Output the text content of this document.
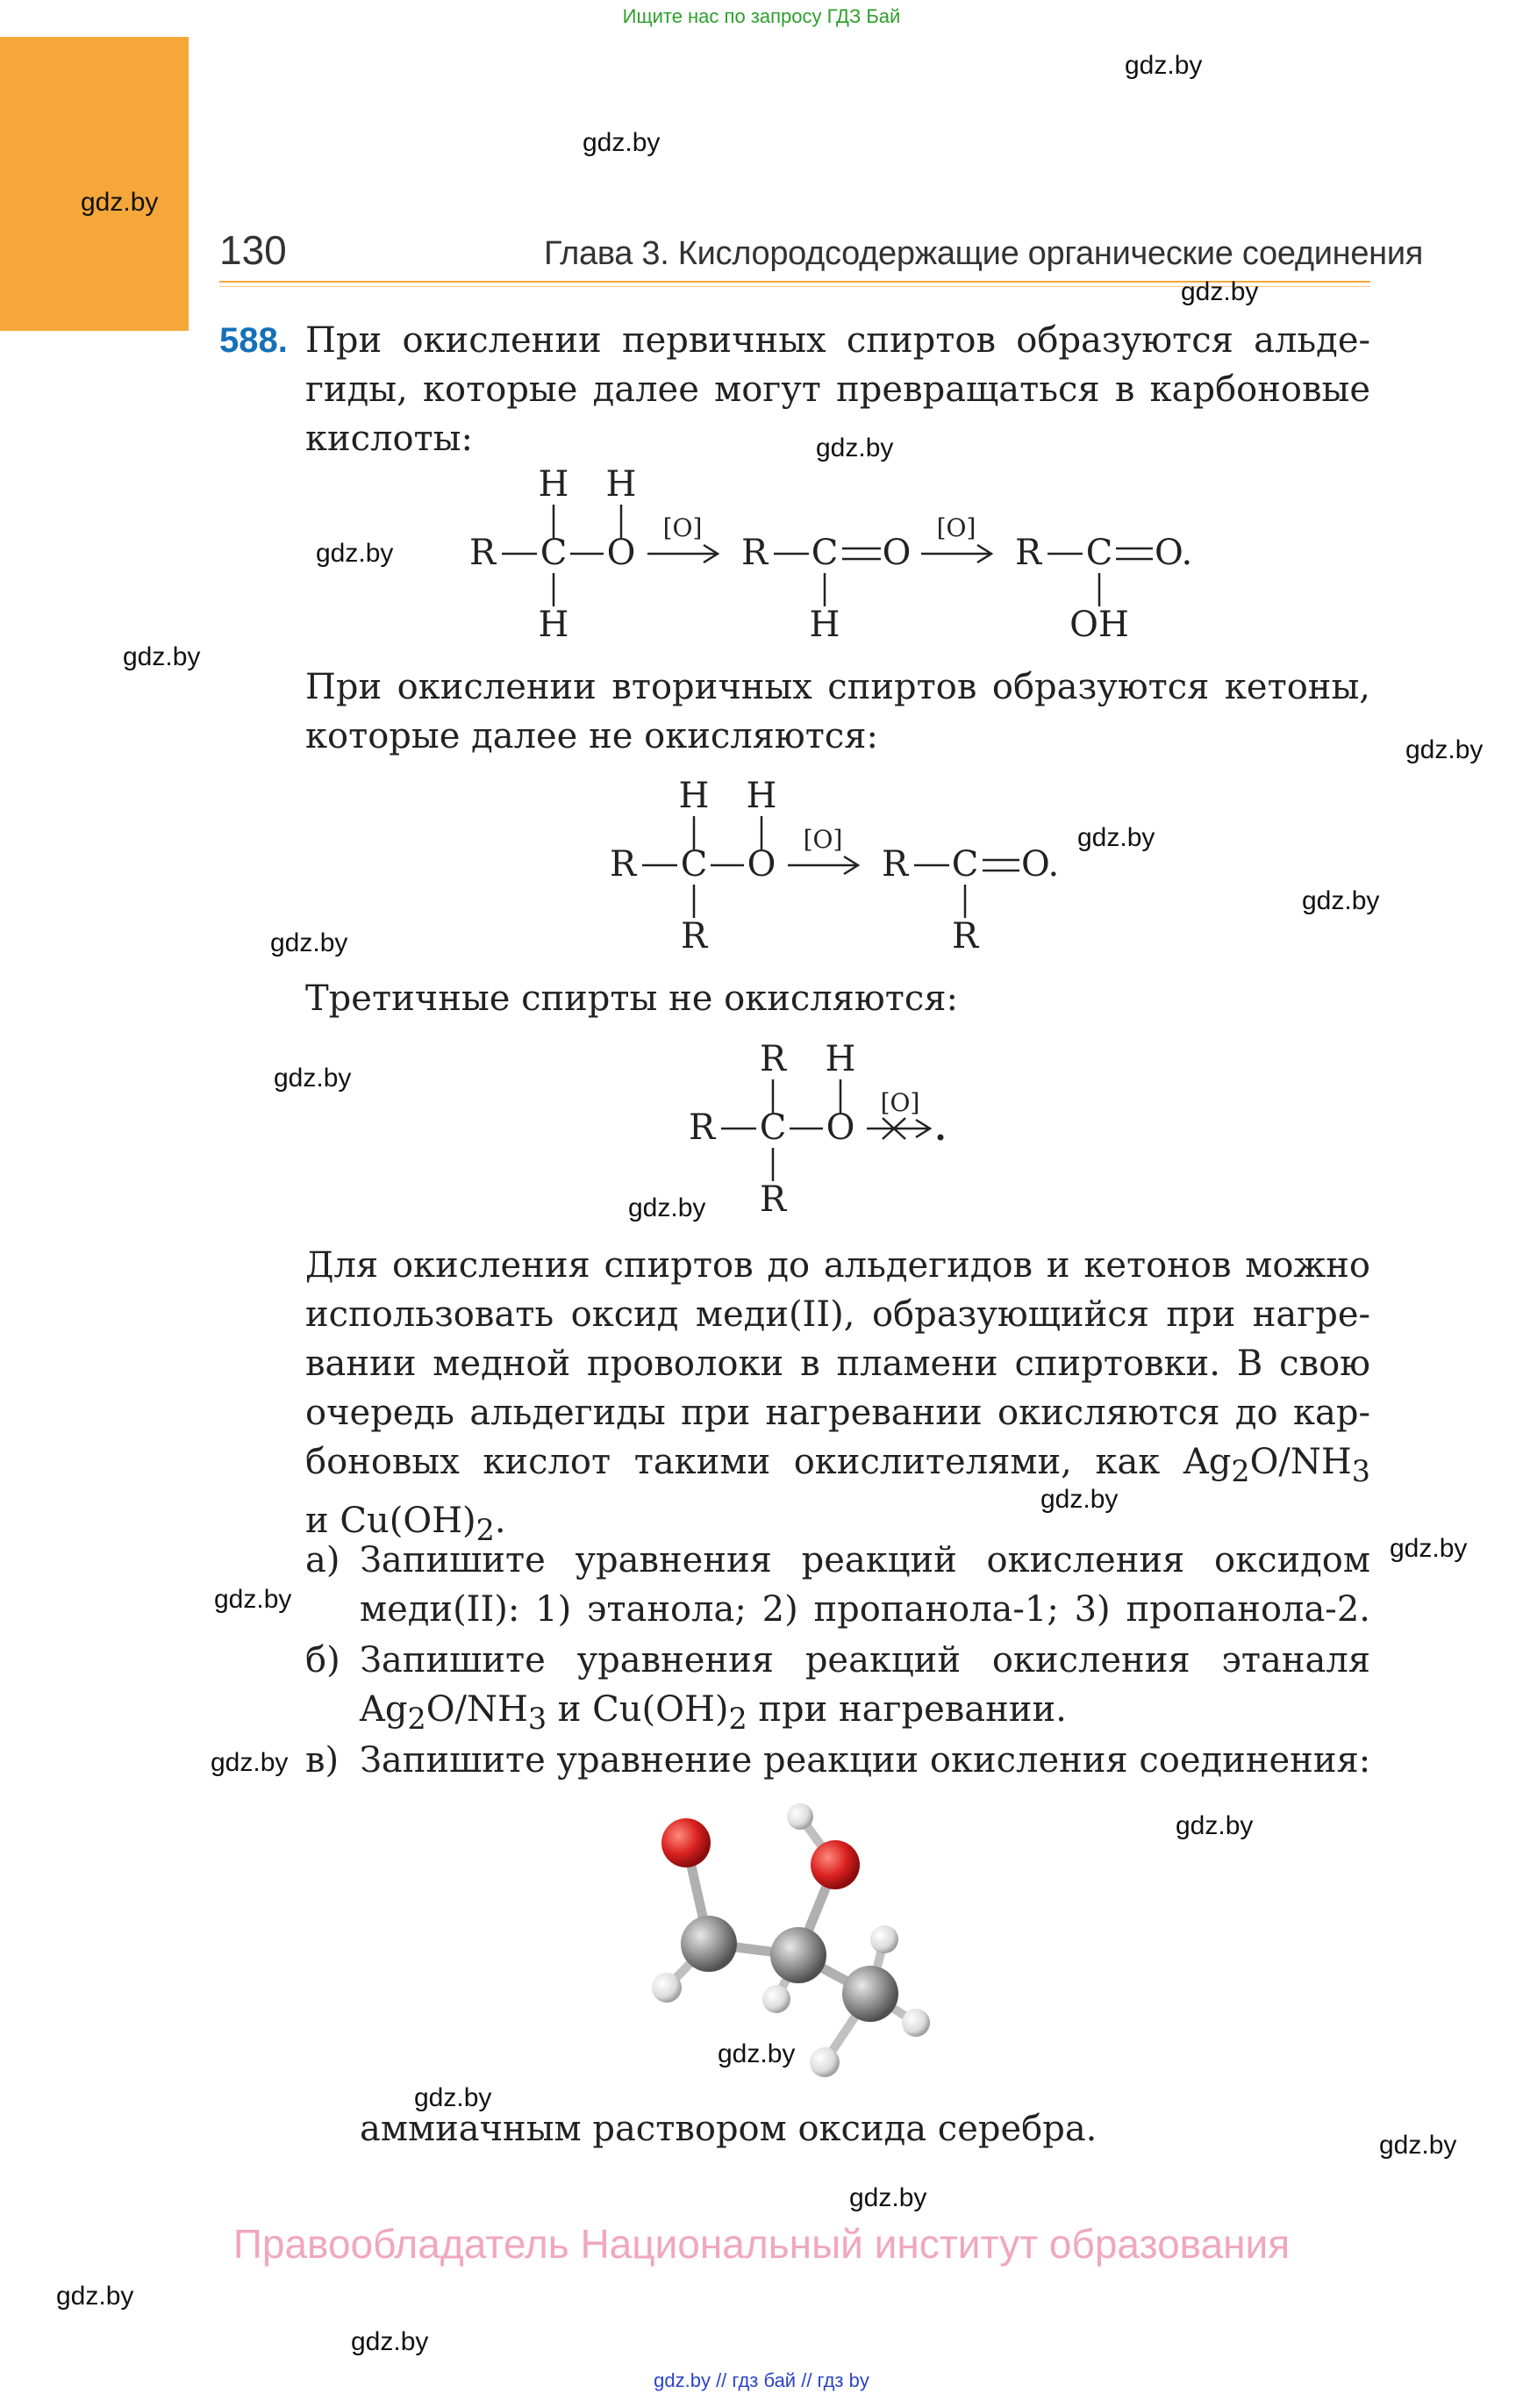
Ищите нас по запросу ГДЗ Бай
130	Глава 3. Кислородсодержащие органические соединения
588. При окислении первичных спиртов образуются альде-
гиды, которые далее могут превращаться в карбоновые
кислоты:
H H
R C O
H
[O]
R C O
H
[O]
R C O.
OH
При окислении вторичных спиртов образуются кетоны,
которые далее не окисляются:
H H
R C O
R
[O]
R C O.
R
Третичные спирты не окисляются:
R H
R C O
R
[O]
Для окисления спиртов до альдегидов и кетонов можно
использовать оксид меди(II), образующийся при нагре-
вании медной проволоки в пламени спиртовки. В свою
очередь альдегиды при нагревании окисляются до кар-
боновых кислот такими окислителями, как $Ag_2O/NH_3$
и $Cu(OH)_2$.
а) Запишите уравнения реакций окисления оксидом
меди(II): 1) этанола; 2) пропанола-1; 3) пропанола-2.
б) Запишите уравнения реакций окисления этаналя
$Ag_2O/NH_3$ и $Cu(OH)_2$ при нагревании.
в) Запишите уравнение реакции окисления соединения:
аммиачным раствором оксида серебра.
Правообладатель Национальный институт образования
gdz.by // гдз бай // гдз by
gdz.by
gdz.by
gdz.by
gdz.by
gdz.by
gdz.by
gdz.by
gdz.by
gdz.by
gdz.by
gdz.by
gdz.by
gdz.by
gdz.by
gdz.by
gdz.by
gdz.by
gdz.by
gdz.by
gdz.by
gdz.by
gdz.by
gdz.by
gdz.by
